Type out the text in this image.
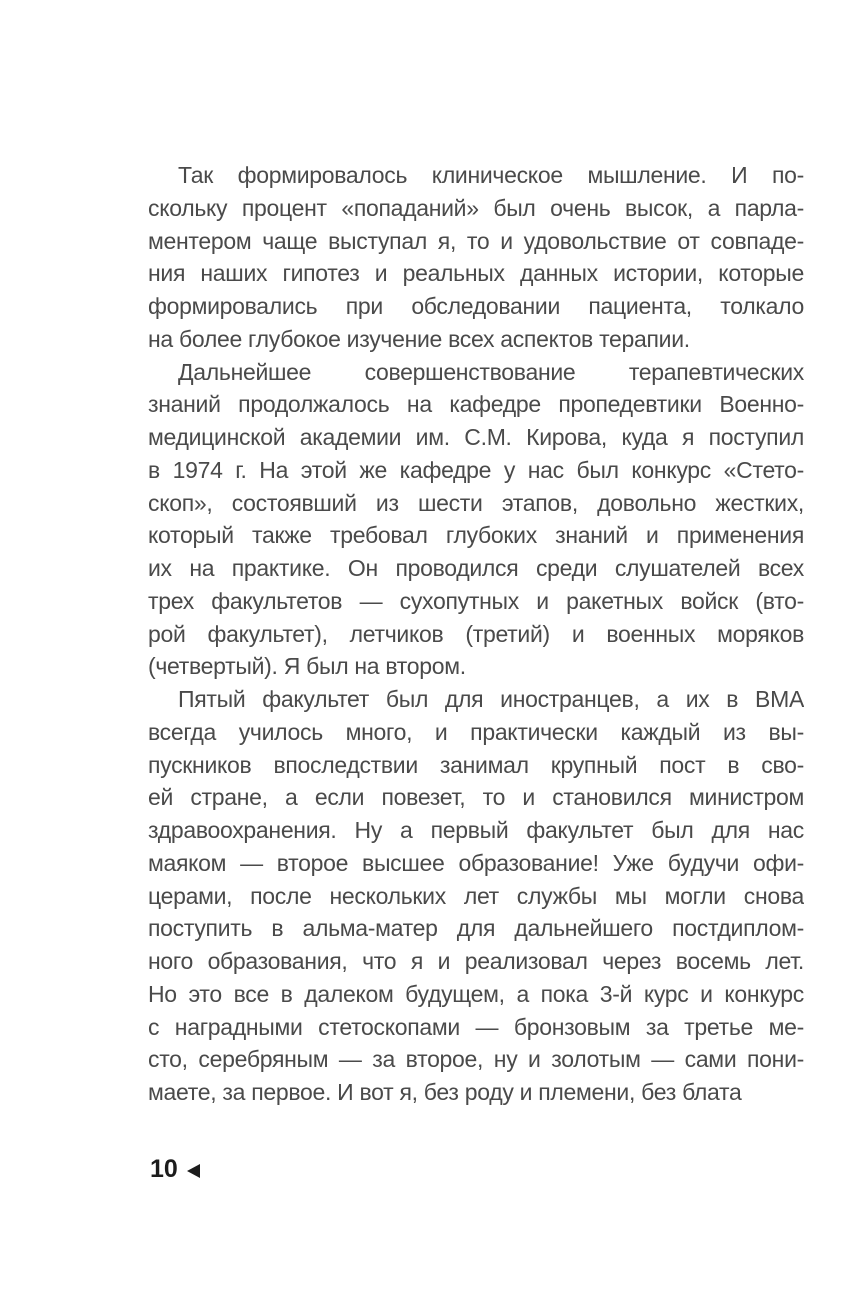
Так формировалось клиническое мышление. И по-
скольку процент «попаданий» был очень высок, а парла-
ментером чаще выступал я, то и удовольствие от совпаде-
ния наших гипотез и реальных данных истории, которые
формировались при обследовании пациента, толкало
на более глубокое изучение всех аспектов терапии.
Дальнейшее совершенствование терапевтических
знаний продолжалось на кафедре пропедевтики Военно-
медицинской академии им. С.М. Кирова, куда я поступил
в 1974 г. На этой же кафедре у нас был конкурс «Стето-
скоп», состоявший из шести этапов, довольно жестких,
который также требовал глубоких знаний и применения
их на практике. Он проводился среди слушателей всех
трех факультетов — сухопутных и ракетных войск (вто-
рой факультет), летчиков (третий) и военных моряков
(четвертый). Я был на втором.
Пятый факультет был для иностранцев, а их в ВМА
всегда училось много, и практически каждый из вы-
пускников впоследствии занимал крупный пост в сво-
ей стране, а если повезет, то и становился министром
здравоохранения. Ну а первый факультет был для нас
маяком — второе высшее образование! Уже будучи офи-
церами, после нескольких лет службы мы могли снова
поступить в альма-матер для дальнейшего постдиплом-
ного образования, что я и реализовал через восемь лет.
Но это все в далеком будущем, а пока 3-й курс и конкурс
с наградными стетоскопами — бронзовым за третье ме-
сто, серебряным — за второе, ну и золотым — сами пони-
маете, за первое. И вот я, без роду и племени, без блата
10
